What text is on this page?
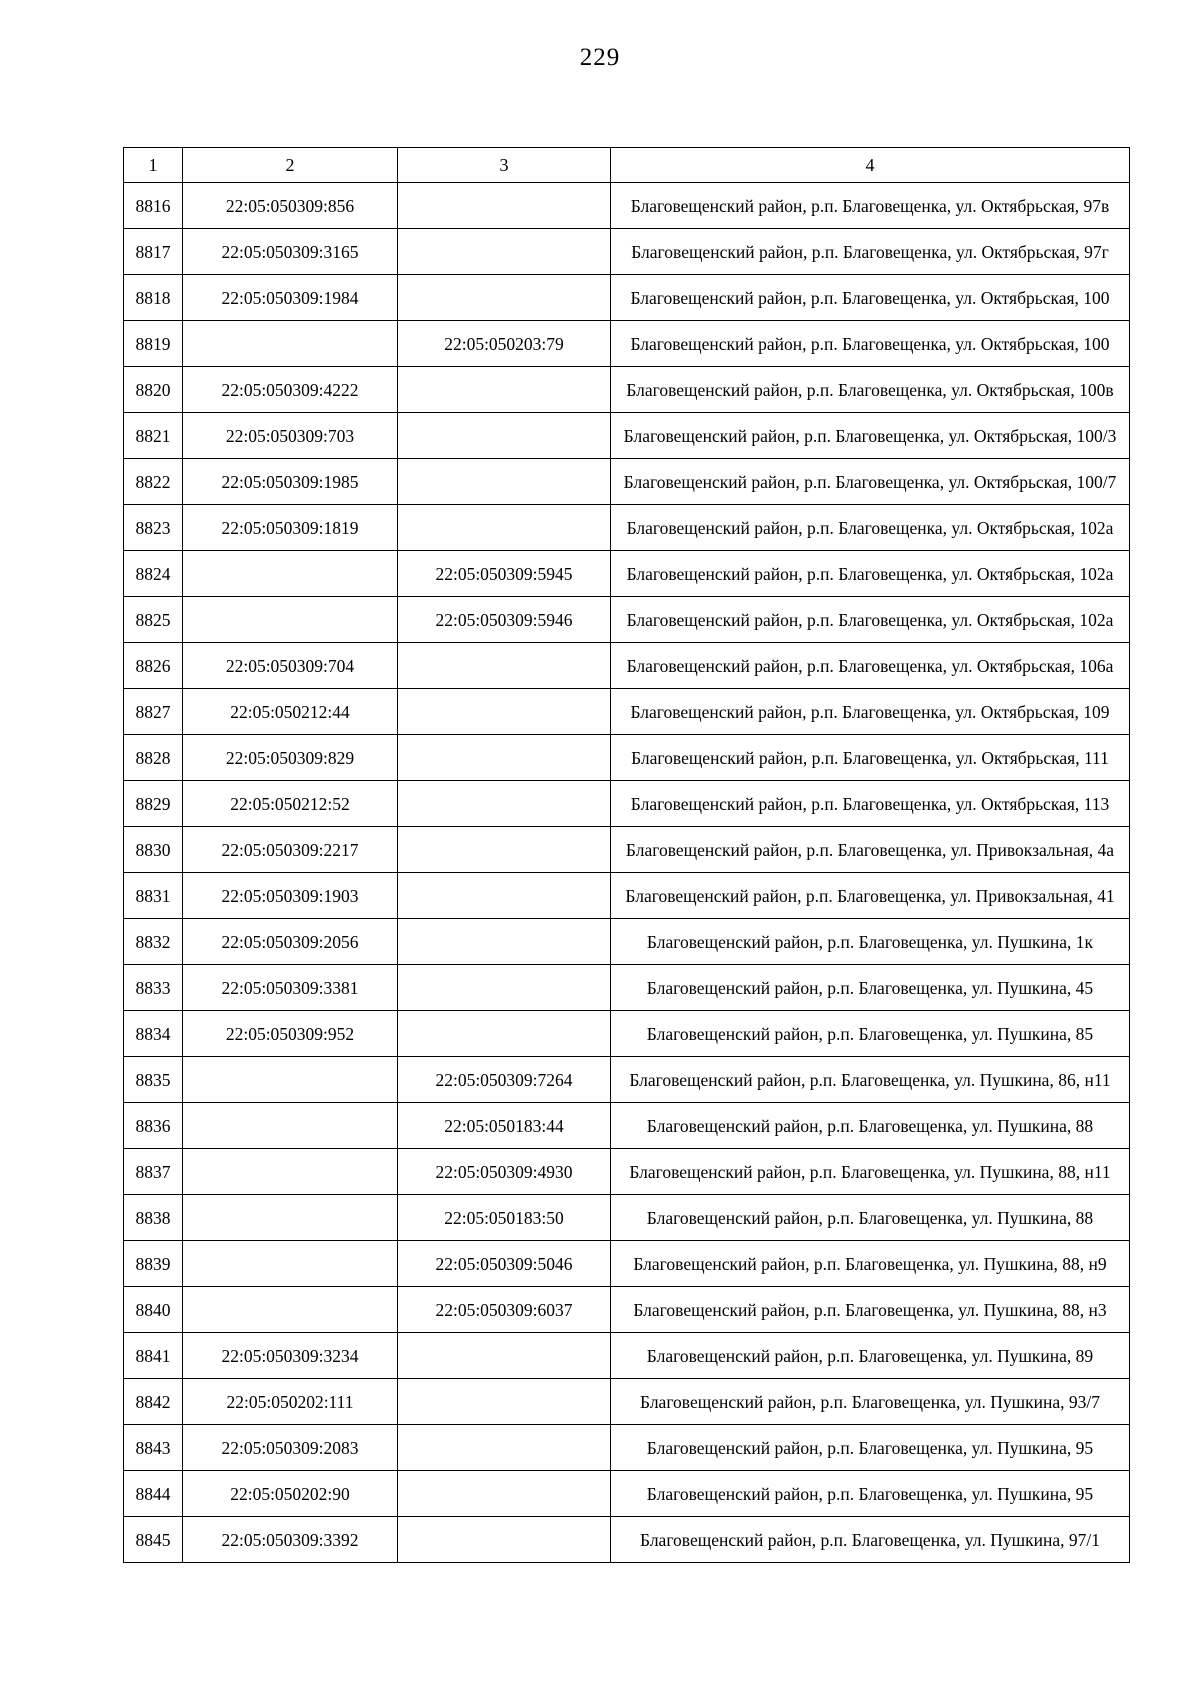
229
1	2	3	4
8816	22:05:050309:856		Благовещенский район, р.п. Благовещенка, ул. Октябрьская, 97в
8817	22:05:050309:3165		Благовещенский район, р.п. Благовещенка, ул. Октябрьская, 97г
8818	22:05:050309:1984		Благовещенский район, р.п. Благовещенка, ул. Октябрьская, 100
8819		22:05:050203:79	Благовещенский район, р.п. Благовещенка, ул. Октябрьская, 100
8820	22:05:050309:4222		Благовещенский район, р.п. Благовещенка, ул. Октябрьская, 100в
8821	22:05:050309:703		Благовещенский район, р.п. Благовещенка, ул. Октябрьская, 100/3
8822	22:05:050309:1985		Благовещенский район, р.п. Благовещенка, ул. Октябрьская, 100/7
8823	22:05:050309:1819		Благовещенский район, р.п. Благовещенка, ул. Октябрьская, 102а
8824		22:05:050309:5945	Благовещенский район, р.п. Благовещенка, ул. Октябрьская, 102а
8825		22:05:050309:5946	Благовещенский район, р.п. Благовещенка, ул. Октябрьская, 102а
8826	22:05:050309:704		Благовещенский район, р.п. Благовещенка, ул. Октябрьская, 106а
8827	22:05:050212:44		Благовещенский район, р.п. Благовещенка, ул. Октябрьская, 109
8828	22:05:050309:829		Благовещенский район, р.п. Благовещенка, ул. Октябрьская, 111
8829	22:05:050212:52		Благовещенский район, р.п. Благовещенка, ул. Октябрьская, 113
8830	22:05:050309:2217		Благовещенский район, р.п. Благовещенка, ул. Привокзальная, 4а
8831	22:05:050309:1903		Благовещенский район, р.п. Благовещенка, ул. Привокзальная, 41
8832	22:05:050309:2056		Благовещенский район, р.п. Благовещенка, ул. Пушкина, 1к
8833	22:05:050309:3381		Благовещенский район, р.п. Благовещенка, ул. Пушкина, 45
8834	22:05:050309:952		Благовещенский район, р.п. Благовещенка, ул. Пушкина, 85
8835		22:05:050309:7264	Благовещенский район, р.п. Благовещенка, ул. Пушкина, 86, н11
8836		22:05:050183:44	Благовещенский район, р.п. Благовещенка, ул. Пушкина, 88
8837		22:05:050309:4930	Благовещенский район, р.п. Благовещенка, ул. Пушкина, 88, н11
8838		22:05:050183:50	Благовещенский район, р.п. Благовещенка, ул. Пушкина, 88
8839		22:05:050309:5046	Благовещенский район, р.п. Благовещенка, ул. Пушкина, 88, н9
8840		22:05:050309:6037	Благовещенский район, р.п. Благовещенка, ул. Пушкина, 88, н3
8841	22:05:050309:3234		Благовещенский район, р.п. Благовещенка, ул. Пушкина, 89
8842	22:05:050202:111		Благовещенский район, р.п. Благовещенка, ул. Пушкина, 93/7
8843	22:05:050309:2083		Благовещенский район, р.п. Благовещенка, ул. Пушкина, 95
8844	22:05:050202:90		Благовещенский район, р.п. Благовещенка, ул. Пушкина, 95
8845	22:05:050309:3392		Благовещенский район, р.п. Благовещенка, ул. Пушкина, 97/1
